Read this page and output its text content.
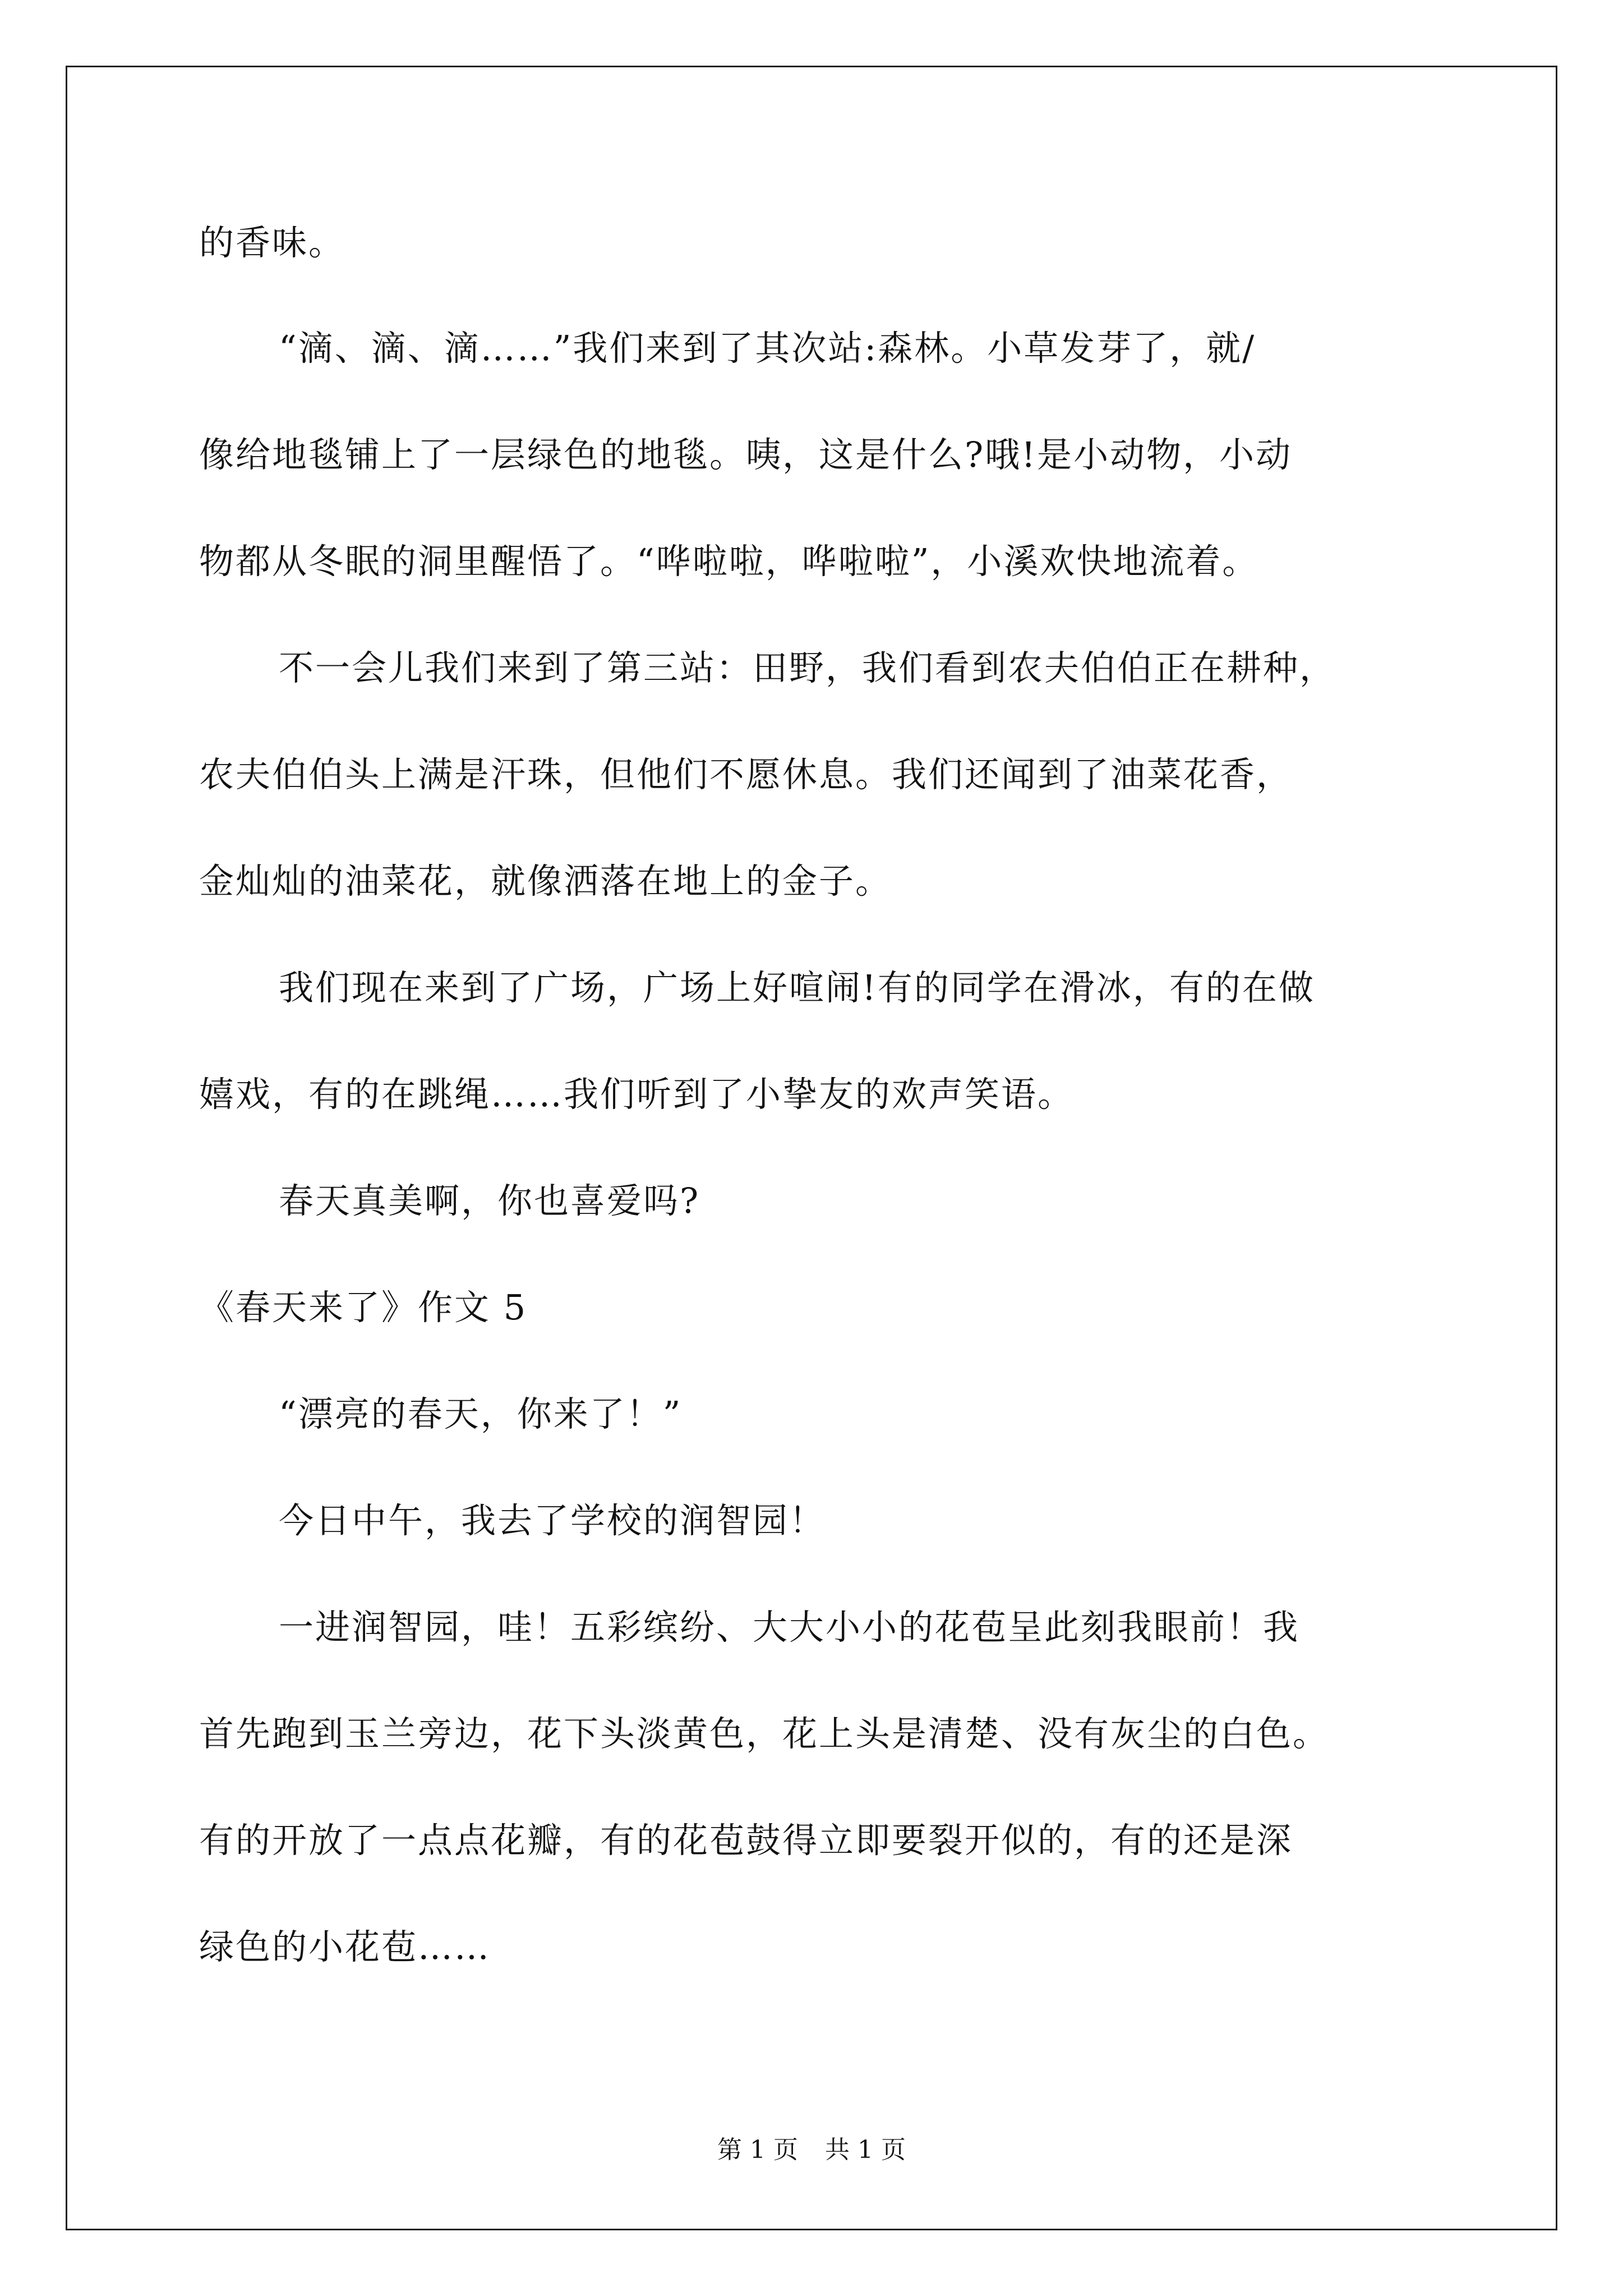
的香味。
“滴、滴、滴……”我们来到了其次站:森林。小草发芽了，就/
像给地毯铺上了一层绿色的地毯。咦，这是什么?哦!是小动物，小动
物都从冬眠的洞里醒悟了。“哗啦啦，哗啦啦”，小溪欢快地流着。
不一会儿我们来到了第三站：田野，我们看到农夫伯伯正在耕种，
农夫伯伯头上满是汗珠，但他们不愿休息。我们还闻到了油菜花香，
金灿灿的油菜花，就像洒落在地上的金子。
我们现在来到了广场，广场上好喧闹!有的同学在滑冰，有的在做
嬉戏，有的在跳绳……我们听到了小挚友的欢声笑语。
春天真美啊，你也喜爱吗?
《春天来了》作文 5
“漂亮的春天，你来了！”
今日中午，我去了学校的润智园！
一进润智园，哇！五彩缤纷、大大小小的花苞呈此刻我眼前！我
首先跑到玉兰旁边，花下头淡黄色，花上头是清楚、没有灰尘的白色。
有的开放了一点点花瓣，有的花苞鼓得立即要裂开似的，有的还是深
绿色的小花苞……
第 1 页 共 1 页
